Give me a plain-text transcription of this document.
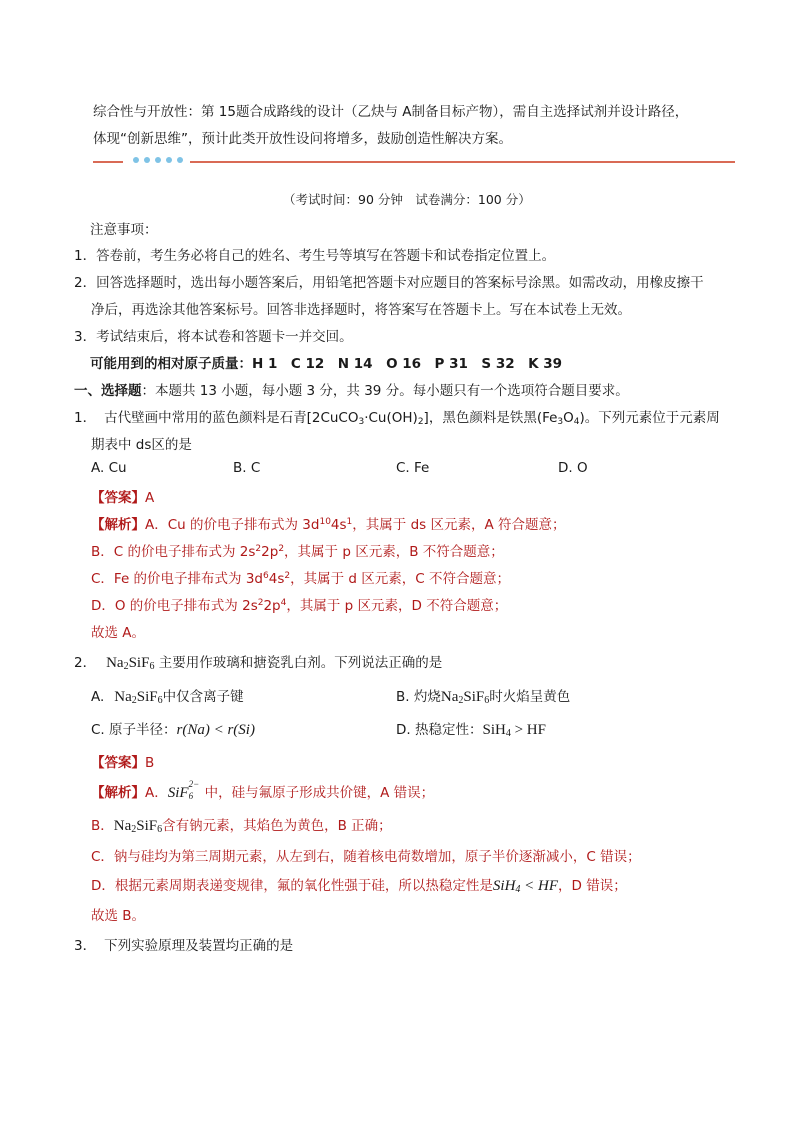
综合性与开放性：第 15题合成路线的设计（乙炔与 A制备目标产物），需自主选择试剂并设计路径，
体现“创新思维”，预计此类开放性设问将增多，鼓励创造性解决方案。
（考试时间：90 分钟　试卷满分：100 分）
注意事项：
1．答卷前，考生务必将自己的姓名、考生号等填写在答题卡和试卷指定位置上。
2．回答选择题时，选出每小题答案后，用铅笔把答题卡对应题目的答案标号涂黑。如需改动，用橡皮擦干
净后，再选涂其他答案标号。回答非选择题时，将答案写在答题卡上。写在本试卷上无效。
3．考试结束后，将本试卷和答题卡一并交回。
可能用到的相对原子质量：H 1　C 12　N 14　O 16　P 31　S 32　K 39
一、选择题：本题共 13 小题，每小题 3 分，共 39 分。每小题只有一个选项符合题目要求。
1． 古代壁画中常用的蓝色颜料是石青$[2CuCO_3\cdot Cu(OH)_2]$，黑色颜料是铁黑$(Fe_3O_4)$。下列元素位于元素周
期表中 ds区的是
A. Cu	B. C	C. Fe	D. O
【答案】A
【解析】A．Cu 的价电子排布式为 $3d^{10}4s^1$，其属于 ds 区元素，A 符合题意；
B．C 的价电子排布式为 $2s^22p^2$，其属于 p 区元素，B 不符合题意；
C．Fe 的价电子排布式为 $3d^64s^2$，其属于 d 区元素，C 不符合题意；
D．O 的价电子排布式为 $2s^22p^4$，其属于 p 区元素，D 不符合题意；
故选 A。
2． $Na_2SiF_6$ 主要用作玻璃和搪瓷乳白剂。下列说法正确的是
A. $Na_2SiF_6$中仅含离子键	B. 灼烧$Na_2SiF_6$时火焰呈黄色
C. 原子半径：r(Na) < r(Si)	D. 热稳定性：SiH$_4$ > HF
【答案】B
【解析】A．SiF
2−
6 中，硅与氟原子形成共价键，A 错误；
B．$Na_2SiF_6$含有钠元素，其焰色为黄色，B 正确；
C．钠与硅均为第三周期元素，从左到右，随着核电荷数增加，原子半价逐渐减小，C 错误；
D．根据元素周期表递变规律，氟的氧化性强于硅，所以热稳定性是SiH$_4$ < HF，D 错误；
故选 B。
3． 下列实验原理及装置均正确的是
